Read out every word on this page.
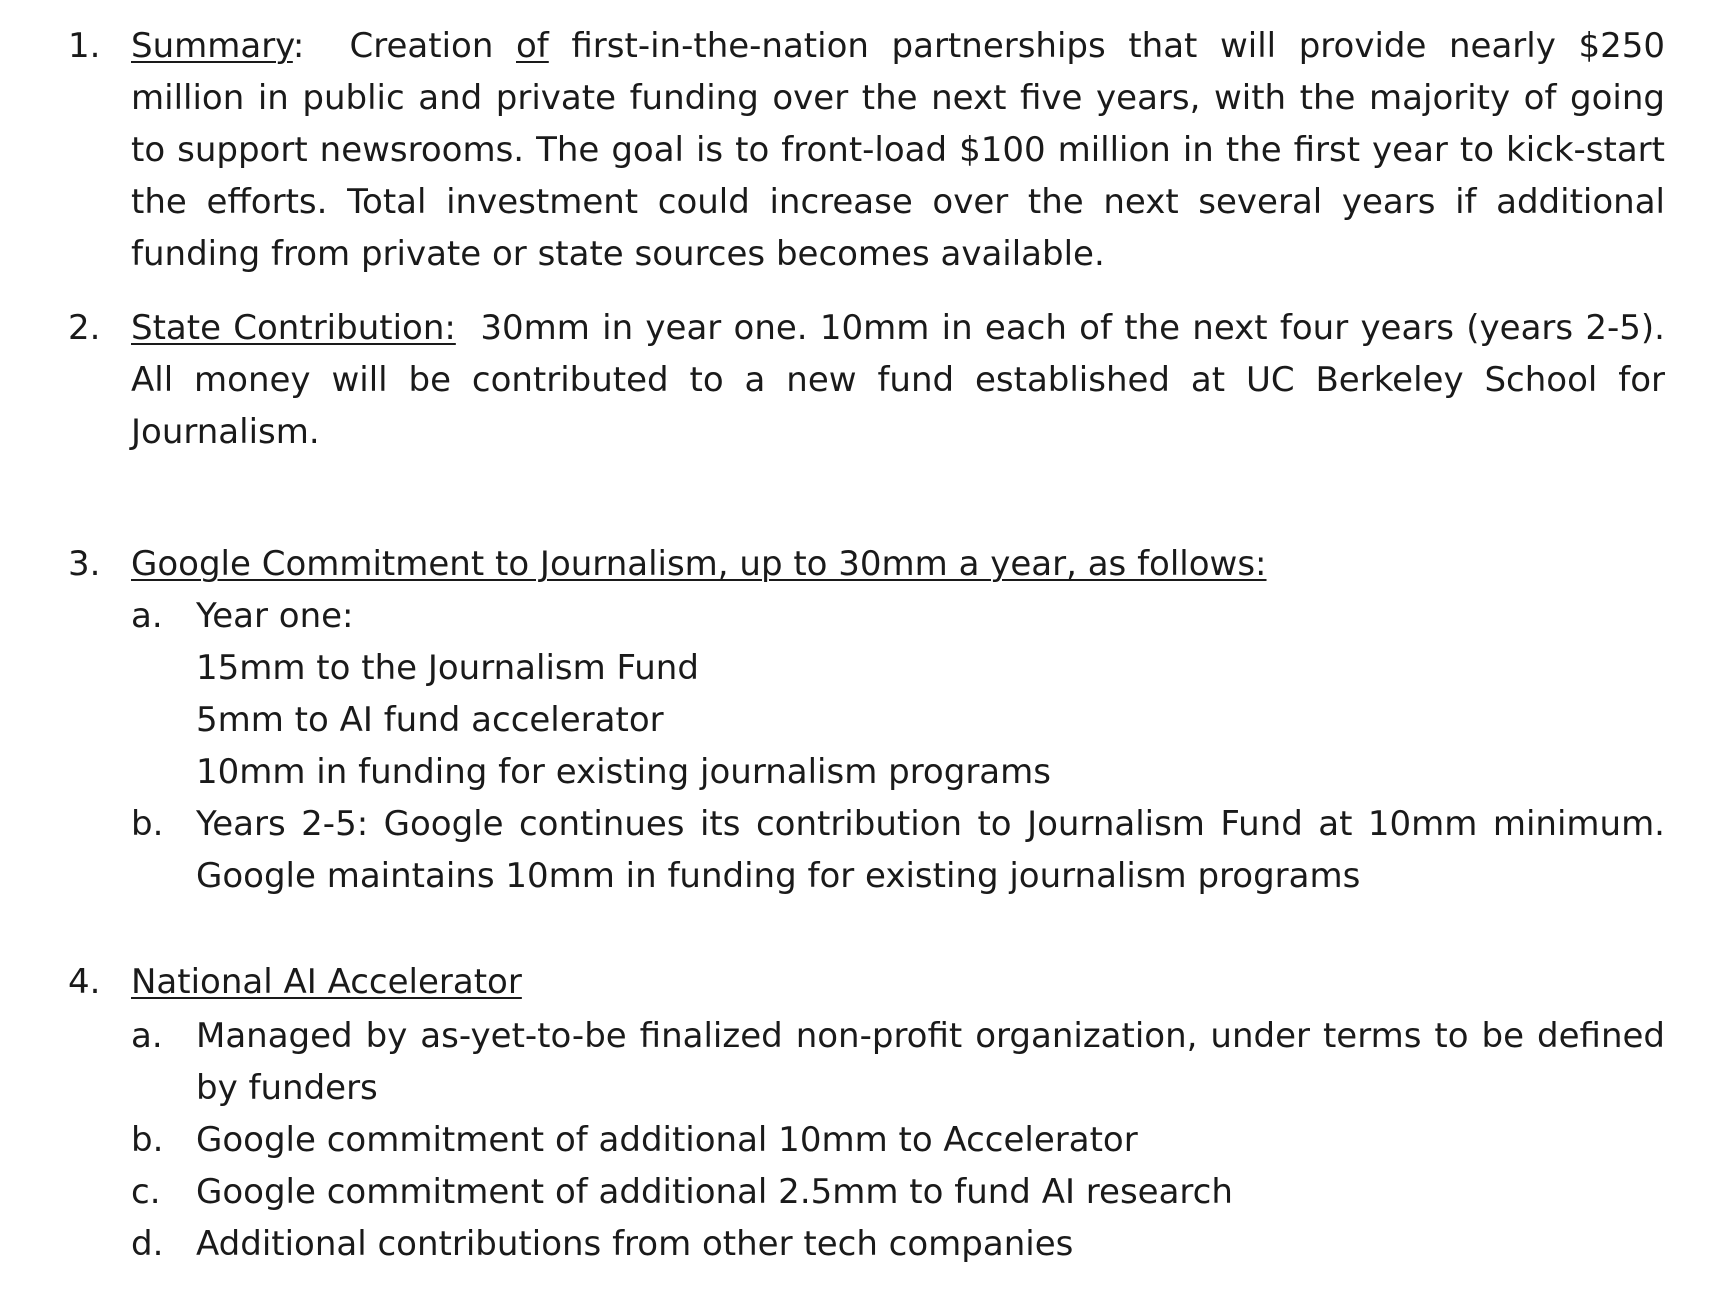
1. Summary: Creation of first-in-the-nation partnerships that will provide nearly $250 million in public and private funding over the next five years, with the majority of going to support newsrooms. The goal is to front-load $100 million in the first year to kick-start the efforts. Total investment could increase over the next several years if additional funding from private or state sources becomes available.
2. State Contribution: 30mm in year one. 10mm in each of the next four years (years 2-5). All money will be contributed to a new fund established at UC Berkeley School for Journalism.
3. Google Commitment to Journalism, up to 30mm a year, as follows:
a. Year one:
15mm to the Journalism Fund
5mm to AI fund accelerator
10mm in funding for existing journalism programs
b. Years 2-5: Google continues its contribution to Journalism Fund at 10mm minimum. Google maintains 10mm in funding for existing journalism programs
4. National AI Accelerator
a. Managed by as-yet-to-be finalized non-profit organization, under terms to be defined by funders
b. Google commitment of additional 10mm to Accelerator
c. Google commitment of additional 2.5mm to fund AI research
d. Additional contributions from other tech companies
